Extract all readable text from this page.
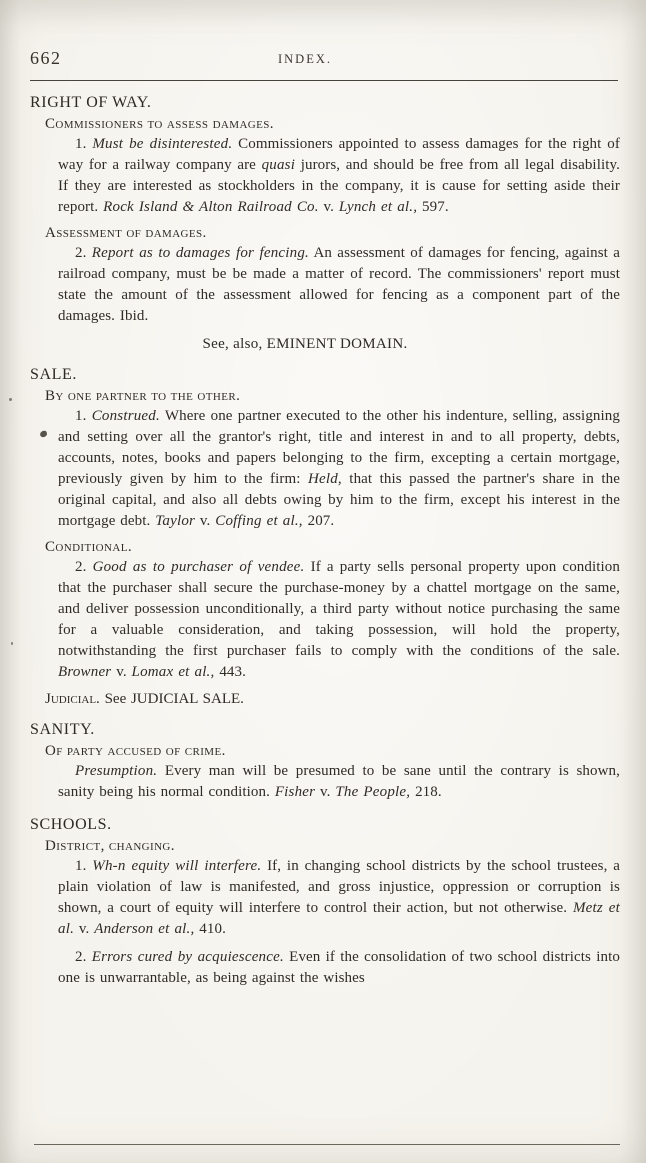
662	INDEX.
RIGHT OF WAY.
Commissioners to assess damages.

1. Must be disinterested. Commissioners appointed to assess damages for the right of way for a railway company are quasi jurors, and should be free from all legal disability. If they are interested as stockholders in the company, it is cause for setting aside their report. Rock Island & Alton Railroad Co. v. Lynch et al., 597.

Assessment of damages.

2. Report as to damages for fencing. An assessment of damages for fencing, against a railroad company, must be be made a matter of record. The commissioners' report must state the amount of the assessment allowed for fencing as a component part of the damages. Ibid.

See, also, EMINENT DOMAIN.

SALE.
By one partner to the other.

1. Construed. Where one partner executed to the other his indenture, selling, assigning and setting over all the grantor's right, title and interest in and to all property, debts, accounts, notes, books and papers belonging to the firm, excepting a certain mortgage, previously given by him to the firm: Held, that this passed the partner's share in the original capital, and also all debts owing by him to the firm, except his interest in the mortgage debt. Taylor v. Coffing et al., 207.

Conditional.

2. Good as to purchaser of vendee. If a party sells personal property upon condition that the purchaser shall secure the purchase-money by a chattel mortgage on the same, and deliver possession unconditionally, a third party without notice purchasing the same for a valuable consideration, and taking possession, will hold the property, notwithstanding the first purchaser fails to comply with the conditions of the sale. Browner v. Lomax et al., 443.

Judicial. See JUDICIAL SALE.

SANITY.
Of party accused of crime.

Presumption. Every man will be presumed to be sane until the contrary is shown, sanity being his normal condition. Fisher v. The People, 218.

SCHOOLS.
District, changing.

1. Wh-n equity will interfere. If, in changing school districts by the school trustees, a plain violation of law is manifested, and gross injustice, oppression or corruption is shown, a court of equity will interfere to control their action, but not otherwise. Metz et al. v. Anderson et al., 410.

2. Errors cured by acquiescence. Even if the consolidation of two school districts into one is unwarrantable, as being against the wishes
